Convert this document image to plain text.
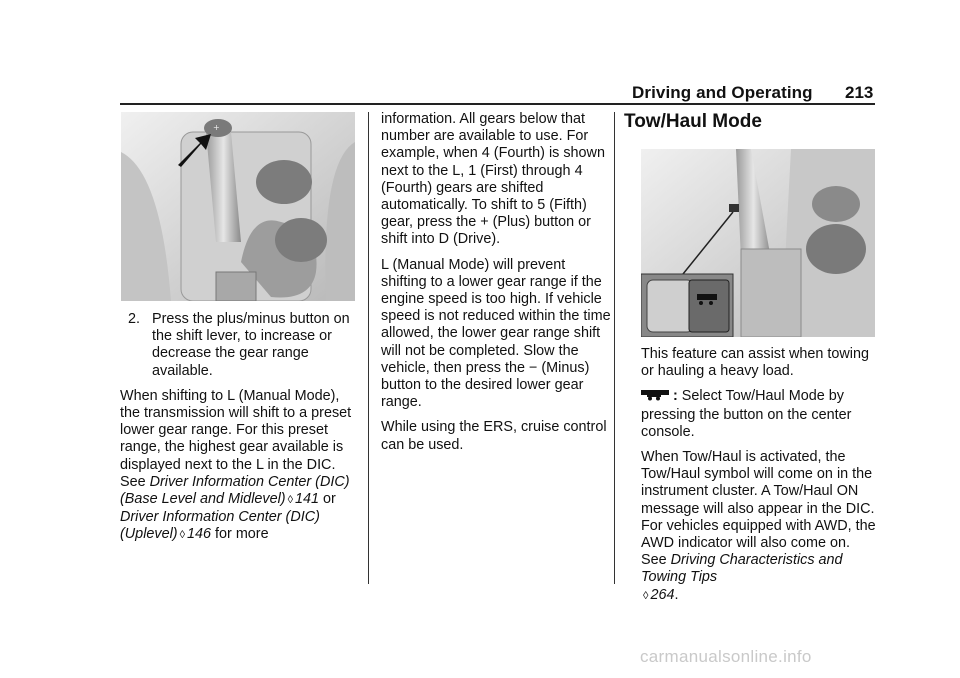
Driving and Operating 213
+
2. Press the plus/minus button on the shift lever, to increase or decrease the gear range available.

When shifting to L (Manual Mode), the transmission will shift to a preset lower gear range. For this preset range, the highest gear available is displayed next to the L in the DIC. See Driver Information Center (DIC) (Base Level and Midlevel) ◊ 141 or Driver Information Center (DIC) (Uplevel) ◊ 146 for more

information. All gears below that number are available to use. For example, when 4 (Fourth) is shown next to the L, 1 (First) through 4 (Fourth) gears are shifted automatically. To shift to 5 (Fifth) gear, press the + (Plus) button or shift into D (Drive).

L (Manual Mode) will prevent shifting to a lower gear range if the engine speed is too high. If vehicle speed is not reduced within the time allowed, the lower gear range shift will not be completed. Slow the vehicle, then press the − (Minus) button to the desired lower gear range.

While using the ERS, cruise control can be used.

Tow/Haul Mode

This feature can assist when towing or hauling a heavy load.

: Select Tow/Haul Mode by pressing the button on the center console.

When Tow/Haul is activated, the Tow/Haul symbol will come on in the instrument cluster. A Tow/Haul ON message will also appear in the DIC. For vehicles equipped with AWD, the AWD indicator will also come on. See Driving Characteristics and Towing Tips
◊ 264.

carmanualsonline.info
